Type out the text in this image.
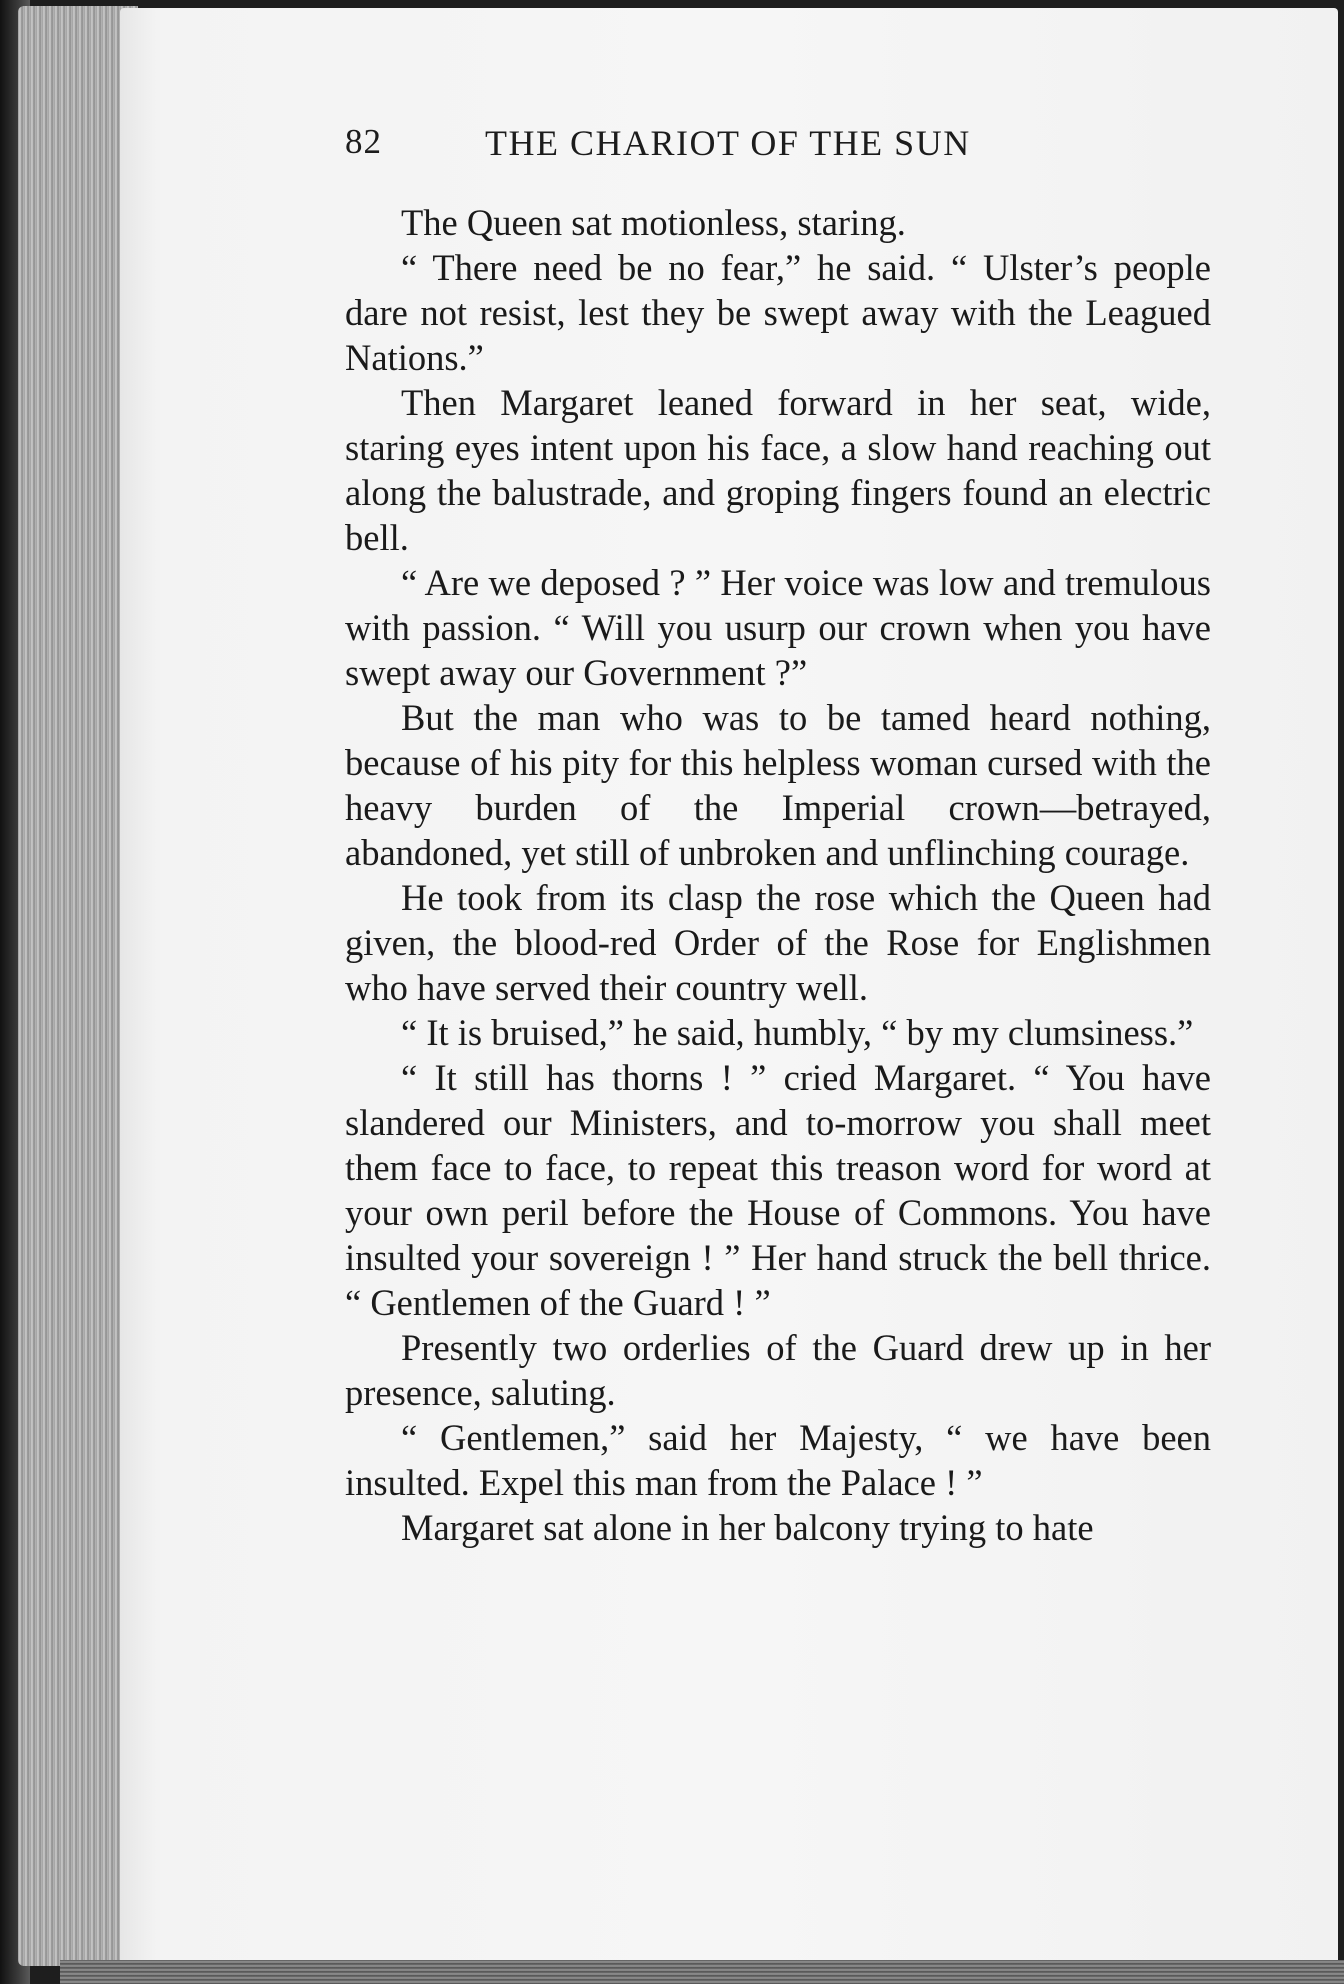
82	THE CHARIOT OF THE SUN

The Queen sat motionless, staring.

“ There need be no fear,” he said. “ Ulster’s people dare not resist, lest they be swept away with the Leagued Nations.”

Then Margaret leaned forward in her seat, wide, staring eyes intent upon his face, a slow hand reaching out along the balustrade, and groping fingers found an electric bell.

“ Are we deposed ? ” Her voice was low and tremulous with passion. “ Will you usurp our crown when you have swept away our Government ?”

But the man who was to be tamed heard nothing, because of his pity for this helpless woman cursed with the heavy burden of the Imperial crown—betrayed, abandoned, yet still of unbroken and unflinching courage.

He took from its clasp the rose which the Queen had given, the blood-red Order of the Rose for Englishmen who have served their country well.

“ It is bruised,” he said, humbly, “ by my clumsiness.”

“ It still has thorns ! ” cried Margaret. “ You have slandered our Ministers, and to-morrow you shall meet them face to face, to repeat this treason word for word at your own peril before the House of Commons. You have insulted your sovereign ! ” Her hand struck the bell thrice. “ Gentlemen of the Guard ! ”

Presently two orderlies of the Guard drew up in her presence, saluting.

“ Gentlemen,” said her Majesty, “ we have been insulted. Expel this man from the Palace ! ”

Margaret sat alone in her balcony trying to hate
